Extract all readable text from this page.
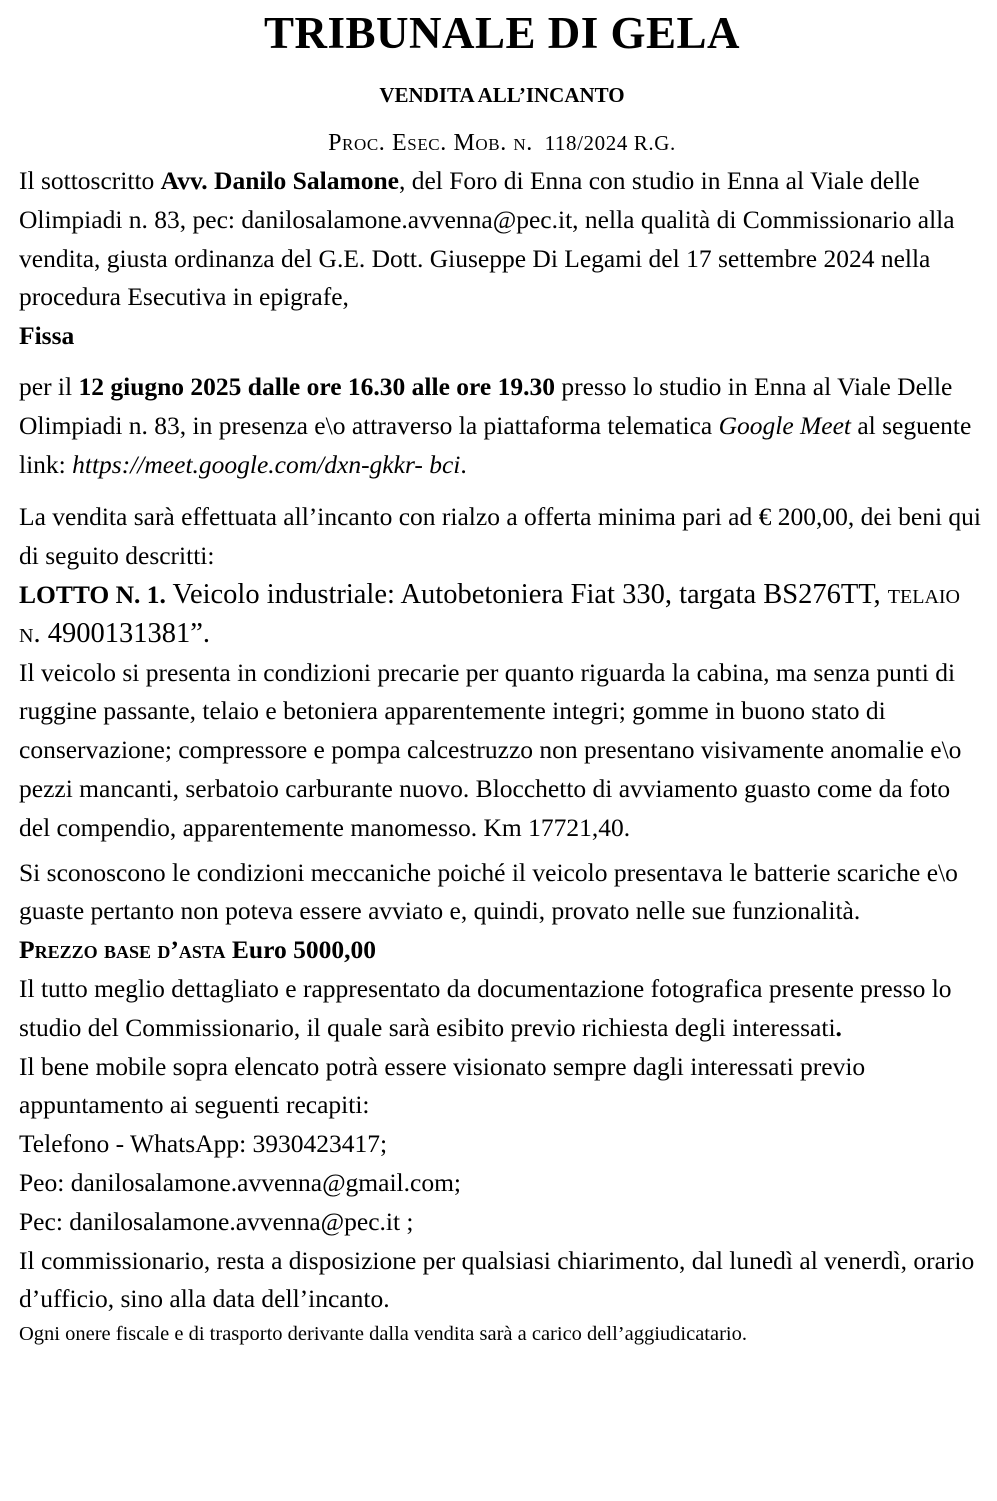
TRIBUNALE DI GELA
VENDITA ALL’INCANTO
Proc. Esec. Mob. n. 118/2024 R.G.

Il sottoscritto Avv. Danilo Salamone, del Foro di Enna con studio in Enna al Viale delle Olimpiadi n. 83, pec: danilosalamone.avvenna@pec.it, nella qualità di Commissionario alla vendita, giusta ordinanza del G.E. Dott. Giuseppe Di Legami del 17 settembre 2024 nella procedura Esecutiva in epigrafe,

Fissa

per il 12 giugno 2025 dalle ore 16.30 alle ore 19.30 presso lo studio in Enna al Viale Delle Olimpiadi n. 83, in presenza e\o attraverso la piattaforma telematica Google Meet al seguente link: https://meet.google.com/dxn-gkkr- bci.

La vendita sarà effettuata all’incanto con rialzo a offerta minima pari ad € 200,00, dei beni qui di seguito descritti:

LOTTO N. 1. Veicolo industriale: Autobetoniera Fiat 330, targata BS276TT, telaio n. 4900131381”.

Il veicolo si presenta in condizioni precarie per quanto riguarda la cabina, ma senza punti di ruggine passante, telaio e betoniera apparentemente integri; gomme in buono stato di conservazione; compressore e pompa calcestruzzo non presentano visivamente anomalie e\o pezzi mancanti, serbatoio carburante nuovo. Blocchetto di avviamento guasto come da foto del compendio, apparentemente manomesso. Km 17721,40.

Si sconoscono le condizioni meccaniche poiché il veicolo presentava le batterie scariche e\o guaste pertanto non poteva essere avviato e, quindi, provato nelle sue funzionalità.

Prezzo base d’asta Euro 5000,00

Il tutto meglio dettagliato e rappresentato da documentazione fotografica presente presso lo

studio del Commissionario, il quale sarà esibito previo richiesta degli interessati.

Il bene mobile sopra elencato potrà essere visionato sempre dagli interessati previo appuntamento ai seguenti recapiti:

Telefono - WhatsApp: 3930423417;

Peo: danilosalamone.avvenna@gmail.com;

Pec: danilosalamone.avvenna@pec.it ;

Il commissionario, resta a disposizione per qualsiasi chiarimento, dal lunedì al venerdì, orario d’ufficio, sino alla data dell’incanto.

Ogni onere fiscale e di trasporto derivante dalla vendita sarà a carico dell’aggiudicatario.
